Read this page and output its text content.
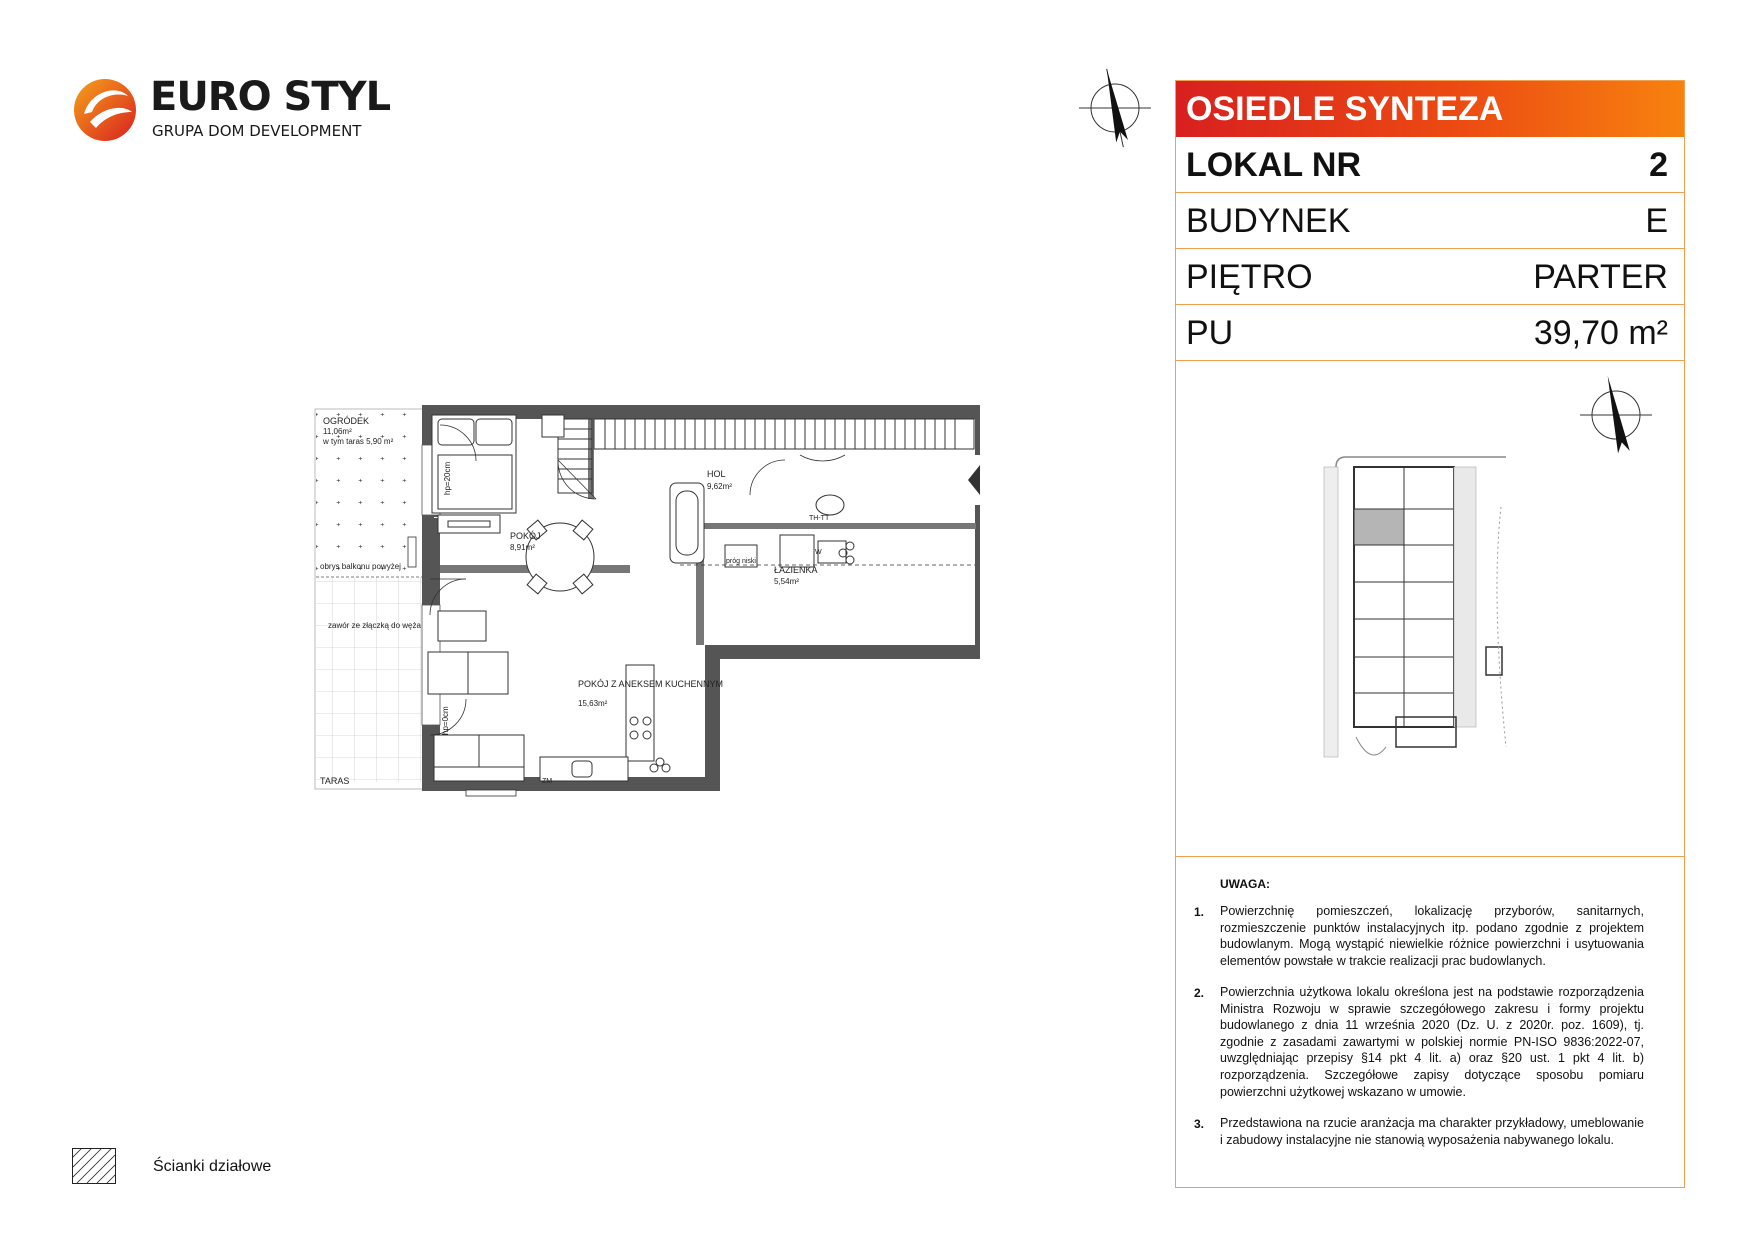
EURO STYL
GRUPA DOM DEVELOPMENT
OSIEDLE SYNTEZA
LOKAL NR	2
BUDYNEK	E
PIĘTRO	PARTER
PU	39,70 m²
UWAGA:
1. Powierzchnię pomieszczeń, lokalizację przyborów, sanitarnych, rozmieszczenie punktów instalacyjnych itp. podano zgodnie z projektem budowlanym. Mogą wystąpić niewielkie różnice powierzchni i usytuowania elementów powstałe w trakcie realizacji prac budowlanych.
2. Powierzchnia użytkowa lokalu określona jest na podstawie rozporządzenia Ministra Rozwoju w sprawie szczegółowego zakresu i formy projektu budowlanego z dnia 11 września 2020 (Dz. U. z 2020r. poz. 1609), tj. zgodnie z zasadami zawartymi w polskiej normie PN-ISO 9836:2022-07, uwzględniając przepisy §14 pkt 4 lit. a) oraz §20 ust. 1 pkt 4 lit. b) rozporządzenia. Szczegółowe zapisy dotyczące sposobu pomiaru powierzchni użytkowej wskazano w umowie.
3. Przedstawiona na rzucie aranżacja ma charakter przykładowy, umeblowanie i zabudowy instalacyjne nie stanowią wyposażenia nabywanego lokalu.
OGRÓDEK
11,06m²
w tym taras 5,90 m²
obrys balkonu powyżej
zawór ze złączką do węża
TARAS
POKÓJ
8,91m²
HOL
9,62m²
ŁAZIENKA
5,54m²
POKÓJ Z ANEKSEM KUCHENNYM
15,63m²
hp=20cm
hp=0cm
próg niski
TH-TT
W
ZM
Ścianki działowe
